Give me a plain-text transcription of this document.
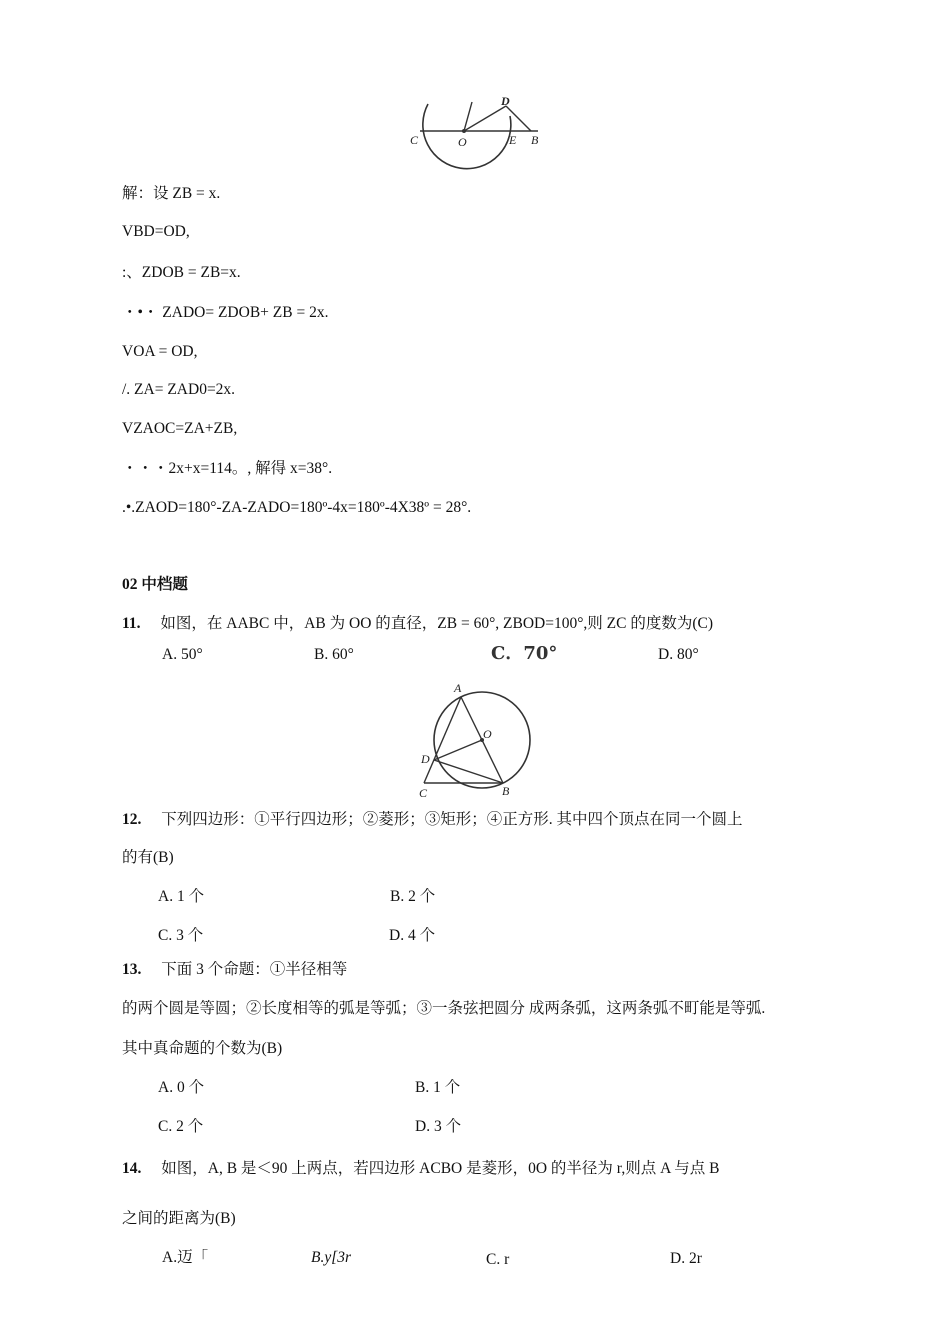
D
C	O	E B
解：设 ZB = x.
VBD=OD,
:、ZDOB = ZB=x.
・•・ ZADO= ZDOB+ ZB = 2x.
VOA = OD,
/. ZA= ZAD0=2x.
VZAOC=ZA+ZB,
・・・2x+x=114。, 解得 x=38°.
.•.ZAOD=180°-ZA-ZADO=180º-4x=180º-4X38º = 28°.
02 中档题
11. 如图，在 AABC 中，AB 为 OO 的直径，ZB = 60°, ZBOD=100°,则 ZC 的度数为(C)
A. 50°	B. 60°	C．70°	D. 80°
A
O
D
C	B
12. 下列四边形：①平行四边形；②菱形；③矩形；④正方形. 其中四个顶点在同一个圆上
的有(B)
A. 1 个	B. 2 个
C. 3 个	D. 4 个
13. 下面 3 个命题：①半径相等
的两个圆是等圆；②长度相等的弧是等弧；③一条弦把圆分 成两条弧，这两条弧不町能是等弧.
其中真命题的个数为(B)
A. 0 个	B. 1 个
C. 2 个	D. 3 个
14. 如图，A, B 是＜90 上两点，若四边形 ACBO 是菱形，0O 的半径为 r,则点 A 与点 B
之间的距离为(B)
A.迈「	B.y[3r	C. r	D. 2r
